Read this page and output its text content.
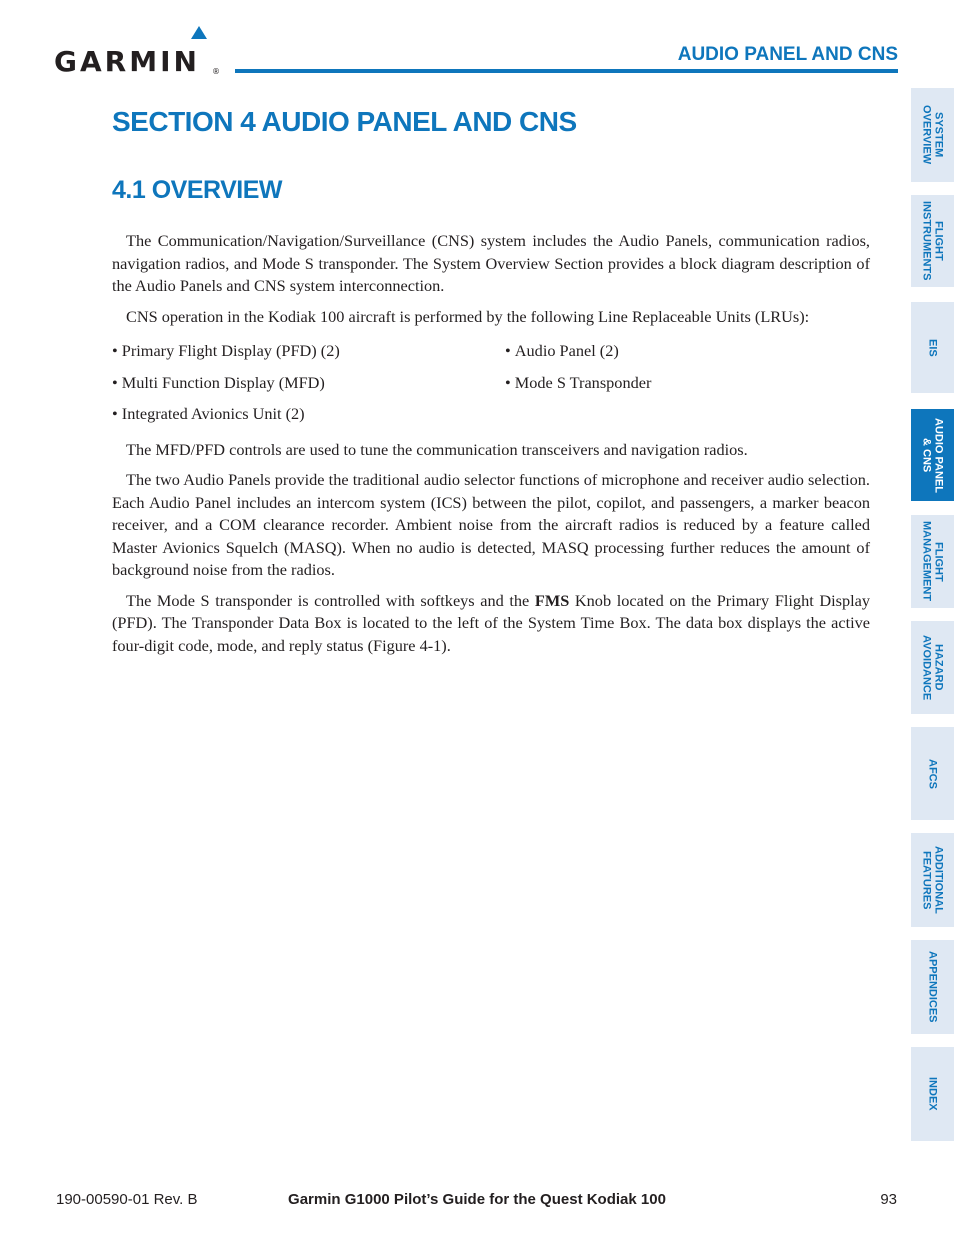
GARMIN ®
AUDIO PANEL AND CNS
SECTION 4 AUDIO PANEL AND CNS
4.1 OVERVIEW

The Communication/Navigation/Surveillance (CNS) system includes the Audio Panels, communication radios, navigation radios, and Mode S transponder. The System Overview Section provides a block diagram description of the Audio Panels and CNS system interconnection.

CNS operation in the Kodiak 100 aircraft is performed by the following Line Replaceable Units (LRUs):

• Primary Flight Display (PFD) (2)	• Audio Panel (2)
• Multi Function Display (MFD)	• Mode S Transponder
• Integrated Avionics Unit (2)

The MFD/PFD controls are used to tune the communication transceivers and navigation radios.

The two Audio Panels provide the traditional audio selector functions of microphone and receiver audio selection. Each Audio Panel includes an intercom system (ICS) between the pilot, copilot, and passengers, a marker beacon receiver, and a COM clearance recorder. Ambient noise from the aircraft radios is reduced by a feature called Master Avionics Squelch (MASQ). When no audio is detected, MASQ processing further reduces the amount of background noise from the radios.

The Mode S transponder is controlled with softkeys and the FMS Knob located on the Primary Flight Display (PFD). The Transponder Data Box is located to the left of the System Time Box. The data box displays the active four-digit code, mode, and reply status (Figure 4-1).

SYSTEM
OVERVIEW
FLIGHT
INSTRUMENTS
EIS
AUDIO PANEL
& CNS
FLIGHT
MANAGEMENT
HAZARD
AVOIDANCE
AFCS
ADDITIONAL
FEATURES
APPENDICES
INDEX
190-00590-01 Rev. B	Garmin G1000 Pilot’s Guide for the Quest Kodiak 100	93
